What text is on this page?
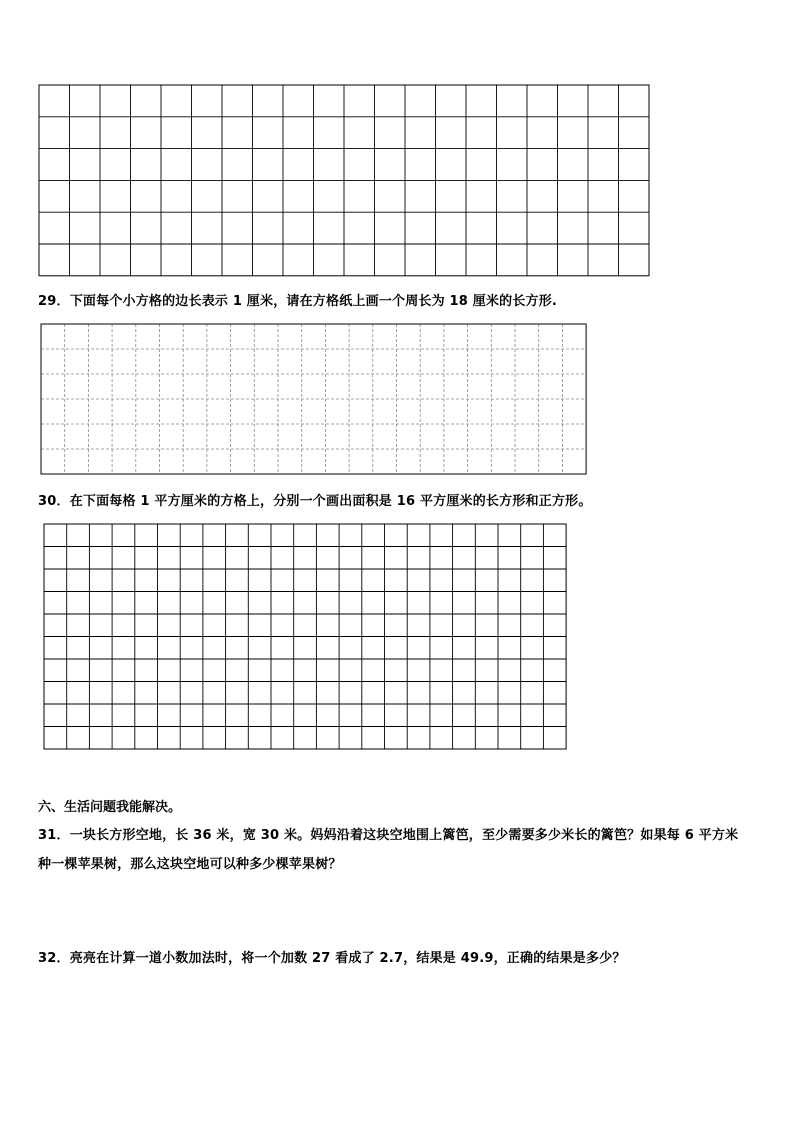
29．下面每个小方格的边长表示 1 厘米，请在方格纸上画一个周长为 18 厘米的长方形.
30．在下面每格 1 平方厘米的方格上，分别一个画出面积是 16 平方厘米的长方形和正方形。
六、生活问题我能解决。
31．一块长方形空地，长 36 米，宽 30 米。妈妈沿着这块空地围上篱笆，至少需要多少米长的篱笆？如果每 6 平方米
种一棵苹果树，那么这块空地可以种多少棵苹果树？
32．亮亮在计算一道小数加法时，将一个加数 27 看成了 2.7，结果是 49.9，正确的结果是多少？
